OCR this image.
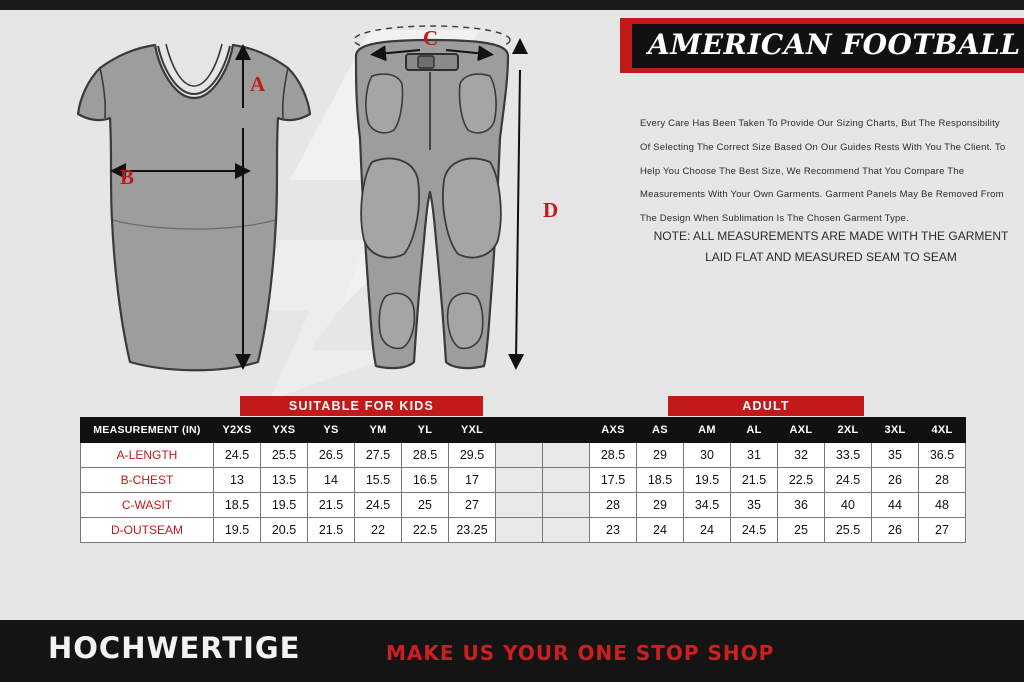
A
B
C
D
AMERICAN FOOTBALL
Every Care Has Been Taken To Provide Our Sizing Charts, But The Responsibility Of Selecting The Correct Size Based On Our Guides Rests With You The Client. To Help You Choose The Best Size, We Recommend That You Compare The Measurements With Your Own Garments. Garment Panels May Be Removed From The Design When Sublimation Is The Chosen Garment Type.
NOTE: ALL MEASUREMENTS ARE MADE WITH THE GARMENT LAID FLAT AND MEASURED SEAM TO SEAM
SUITABLE FOR KIDS	ADULT
MEASUREMENT (IN)	Y2XS	YXS	YS	YM	YL	YXL			AXS	AS	AM	AL	AXL	2XL	3XL	4XL
A-LENGTH	24.5	25.5	26.5	27.5	28.5	29.5			28.5	29	30	31	32	33.5	35	36.5
B-CHEST	13	13.5	14	15.5	16.5	17			17.5	18.5	19.5	21.5	22.5	24.5	26	28
C-WASIT	18.5	19.5	21.5	24.5	25	27			28	29	34.5	35	36	40	44	48
D-OUTSEAM	19.5	20.5	21.5	22	22.5	23.25			23	24	24	24.5	25	25.5	26	27
HOCHWERTIGE	MAKE US YOUR ONE STOP SHOP
